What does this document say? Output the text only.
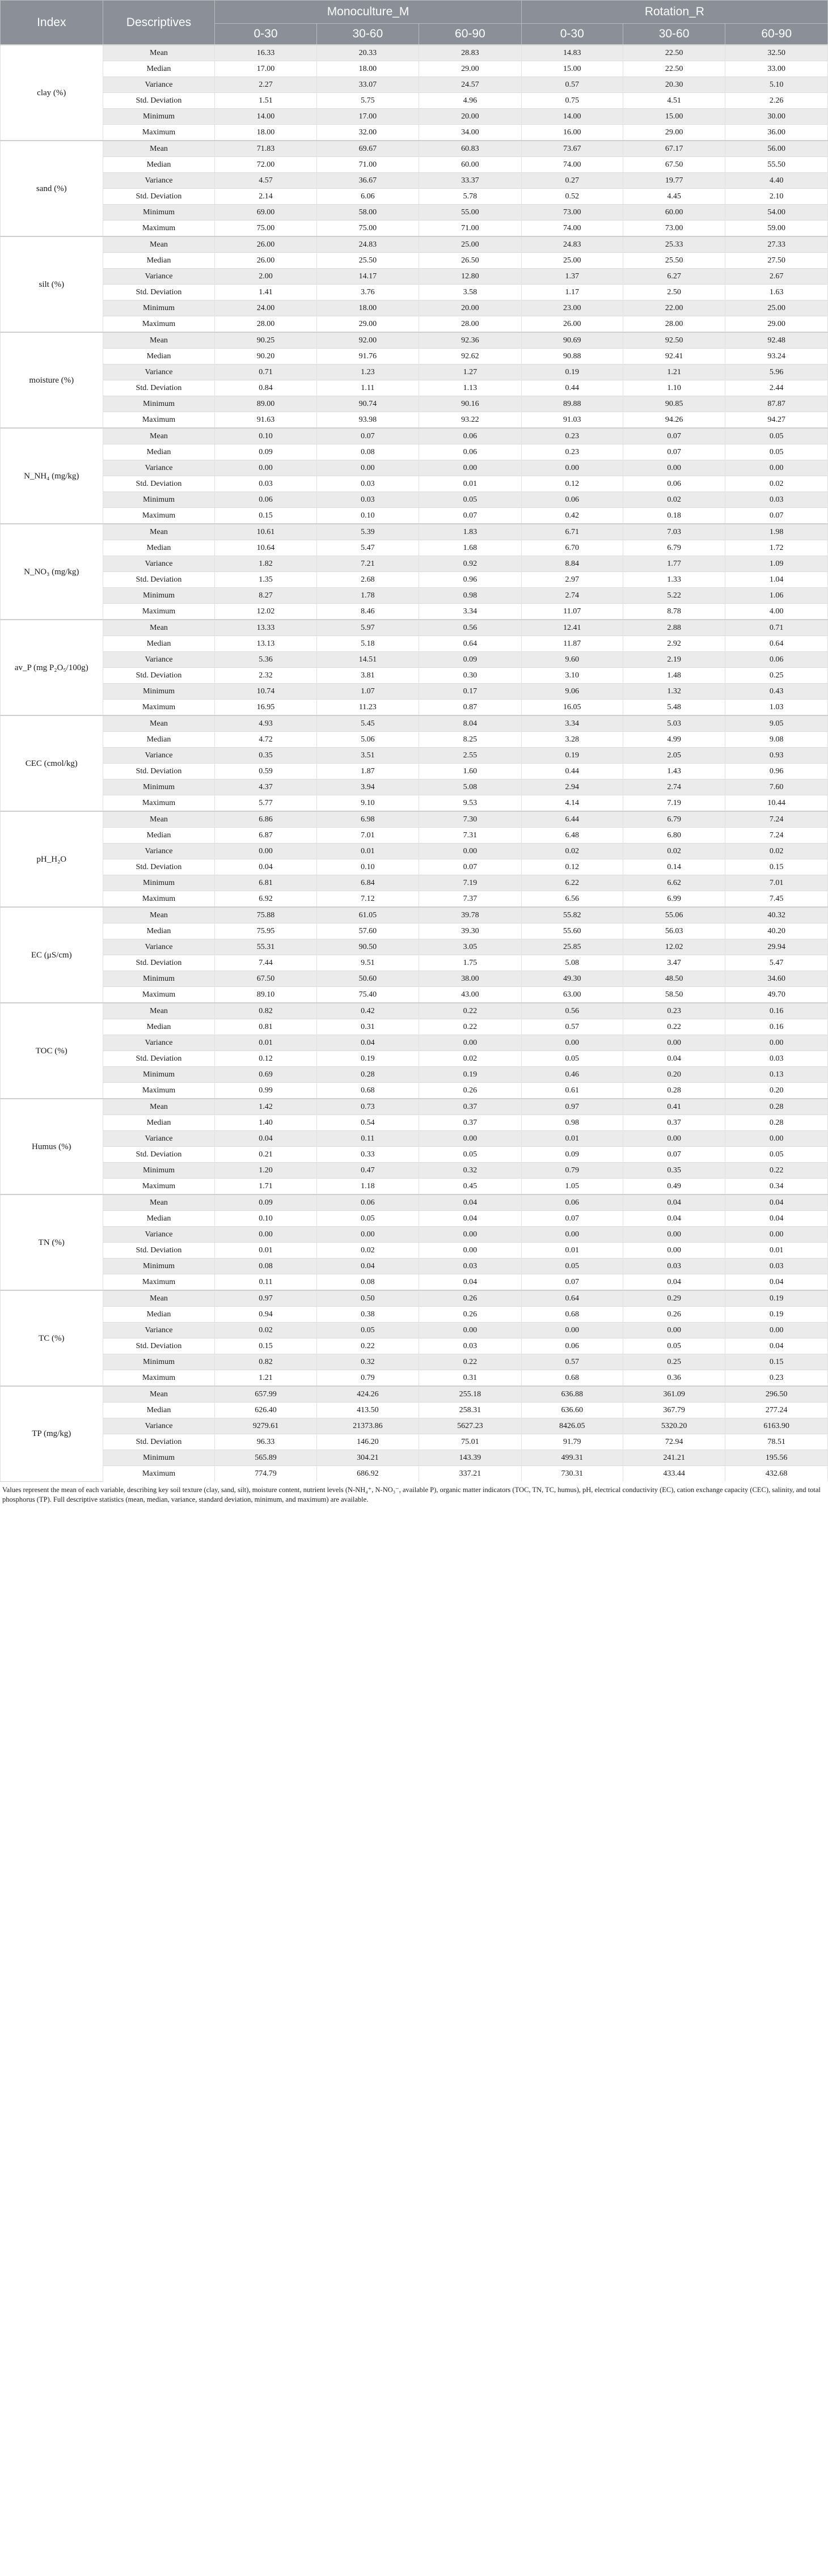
Index	Descriptives	Monoculture_M			Rotation_R		
		0-30	30-60	60-90	0-30	30-60	60-90
clay (%)	Mean	16.33	20.33	28.83	14.83	22.50	32.50
	Median	17.00	18.00	29.00	15.00	22.50	33.00
	Variance	2.27	33.07	24.57	0.57	20.30	5.10
	Std. Deviation	1.51	5.75	4.96	0.75	4.51	2.26
	Minimum	14.00	17.00	20.00	14.00	15.00	30.00
	Maximum	18.00	32.00	34.00	16.00	29.00	36.00
sand (%)	Mean	71.83	69.67	60.83	73.67	67.17	56.00
	Median	72.00	71.00	60.00	74.00	67.50	55.50
	Variance	4.57	36.67	33.37	0.27	19.77	4.40
	Std. Deviation	2.14	6.06	5.78	0.52	4.45	2.10
	Minimum	69.00	58.00	55.00	73.00	60.00	54.00
	Maximum	75.00	75.00	71.00	74.00	73.00	59.00
silt (%)	Mean	26.00	24.83	25.00	24.83	25.33	27.33
	Median	26.00	25.50	26.50	25.00	25.50	27.50
	Variance	2.00	14.17	12.80	1.37	6.27	2.67
	Std. Deviation	1.41	3.76	3.58	1.17	2.50	1.63
	Minimum	24.00	18.00	20.00	23.00	22.00	25.00
	Maximum	28.00	29.00	28.00	26.00	28.00	29.00
moisture (%)	Mean	90.25	92.00	92.36	90.69	92.50	92.48
	Median	90.20	91.76	92.62	90.88	92.41	93.24
	Variance	0.71	1.23	1.27	0.19	1.21	5.96
	Std. Deviation	0.84	1.11	1.13	0.44	1.10	2.44
	Minimum	89.00	90.74	90.16	89.88	90.85	87.87
	Maximum	91.63	93.98	93.22	91.03	94.26	94.27
N_NH₄ (mg/kg)	Mean	0.10	0.07	0.06	0.23	0.07	0.05
	Median	0.09	0.08	0.06	0.23	0.07	0.05
	Variance	0.00	0.00	0.00	0.00	0.00	0.00
	Std. Deviation	0.03	0.03	0.01	0.12	0.06	0.02
	Minimum	0.06	0.03	0.05	0.06	0.02	0.03
	Maximum	0.15	0.10	0.07	0.42	0.18	0.07
N_NO₃ (mg/kg)	Mean	10.61	5.39	1.83	6.71	7.03	1.98
	Median	10.64	5.47	1.68	6.70	6.79	1.72
	Variance	1.82	7.21	0.92	8.84	1.77	1.09
	Std. Deviation	1.35	2.68	0.96	2.97	1.33	1.04
	Minimum	8.27	1.78	0.98	2.74	5.22	1.06
	Maximum	12.02	8.46	3.34	11.07	8.78	4.00
av_P (mg P₂O₅/100g)	Mean	13.33	5.97	0.56	12.41	2.88	0.71
	Median	13.13	5.18	0.64	11.87	2.92	0.64
	Variance	5.36	14.51	0.09	9.60	2.19	0.06
	Std. Deviation	2.32	3.81	0.30	3.10	1.48	0.25
	Minimum	10.74	1.07	0.17	9.06	1.32	0.43
	Maximum	16.95	11.23	0.87	16.05	5.48	1.03
CEC (cmol/kg)	Mean	4.93	5.45	8.04	3.34	5.03	9.05
	Median	4.72	5.06	8.25	3.28	4.99	9.08
	Variance	0.35	3.51	2.55	0.19	2.05	0.93
	Std. Deviation	0.59	1.87	1.60	0.44	1.43	0.96
	Minimum	4.37	3.94	5.08	2.94	2.74	7.60
	Maximum	5.77	9.10	9.53	4.14	7.19	10.44
pH_H₂O	Mean	6.86	6.98	7.30	6.44	6.79	7.24
	Median	6.87	7.01	7.31	6.48	6.80	7.24
	Variance	0.00	0.01	0.00	0.02	0.02	0.02
	Std. Deviation	0.04	0.10	0.07	0.12	0.14	0.15
	Minimum	6.81	6.84	7.19	6.22	6.62	7.01
	Maximum	6.92	7.12	7.37	6.56	6.99	7.45
EC (μS/cm)	Mean	75.88	61.05	39.78	55.82	55.06	40.32
	Median	75.95	57.60	39.30	55.60	56.03	40.20
	Variance	55.31	90.50	3.05	25.85	12.02	29.94
	Std. Deviation	7.44	9.51	1.75	5.08	3.47	5.47
	Minimum	67.50	50.60	38.00	49.30	48.50	34.60
	Maximum	89.10	75.40	43.00	63.00	58.50	49.70
TOC (%)	Mean	0.82	0.42	0.22	0.56	0.23	0.16
	Median	0.81	0.31	0.22	0.57	0.22	0.16
	Variance	0.01	0.04	0.00	0.00	0.00	0.00
	Std. Deviation	0.12	0.19	0.02	0.05	0.04	0.03
	Minimum	0.69	0.28	0.19	0.46	0.20	0.13
	Maximum	0.99	0.68	0.26	0.61	0.28	0.20
Humus (%)	Mean	1.42	0.73	0.37	0.97	0.41	0.28
	Median	1.40	0.54	0.37	0.98	0.37	0.28
	Variance	0.04	0.11	0.00	0.01	0.00	0.00
	Std. Deviation	0.21	0.33	0.05	0.09	0.07	0.05
	Minimum	1.20	0.47	0.32	0.79	0.35	0.22
	Maximum	1.71	1.18	0.45	1.05	0.49	0.34
TN (%)	Mean	0.09	0.06	0.04	0.06	0.04	0.04
	Median	0.10	0.05	0.04	0.07	0.04	0.04
	Variance	0.00	0.00	0.00	0.00	0.00	0.00
	Std. Deviation	0.01	0.02	0.00	0.01	0.00	0.01
	Minimum	0.08	0.04	0.03	0.05	0.03	0.03
	Maximum	0.11	0.08	0.04	0.07	0.04	0.04
TC (%)	Mean	0.97	0.50	0.26	0.64	0.29	0.19
	Median	0.94	0.38	0.26	0.68	0.26	0.19
	Variance	0.02	0.05	0.00	0.00	0.00	0.00
	Std. Deviation	0.15	0.22	0.03	0.06	0.05	0.04
	Minimum	0.82	0.32	0.22	0.57	0.25	0.15
	Maximum	1.21	0.79	0.31	0.68	0.36	0.23
TP (mg/kg)	Mean	657.99	424.26	255.18	636.88	361.09	296.50
	Median	626.40	413.50	258.31	636.60	367.79	277.24
	Variance	9279.61	21373.86	5627.23	8426.05	5320.20	6163.90
	Std. Deviation	96.33	146.20	75.01	91.79	72.94	78.51
	Minimum	565.89	304.21	143.39	499.31	241.21	195.56
	Maximum	774.79	686.92	337.21	730.31	433.44	432.68
Values represent the mean of each variable, describing key soil texture (clay, sand, silt), moisture content, nutrient levels (N-NH₄⁺, N-NO₃⁻, available P), organic matter indicators (TOC, TN, TC, humus), pH, electrical conductivity (EC), cation exchange capacity (CEC), salinity, and total phosphorus (TP). Full descriptive statistics (mean, median, variance, standard deviation, minimum, and maximum) are available.
